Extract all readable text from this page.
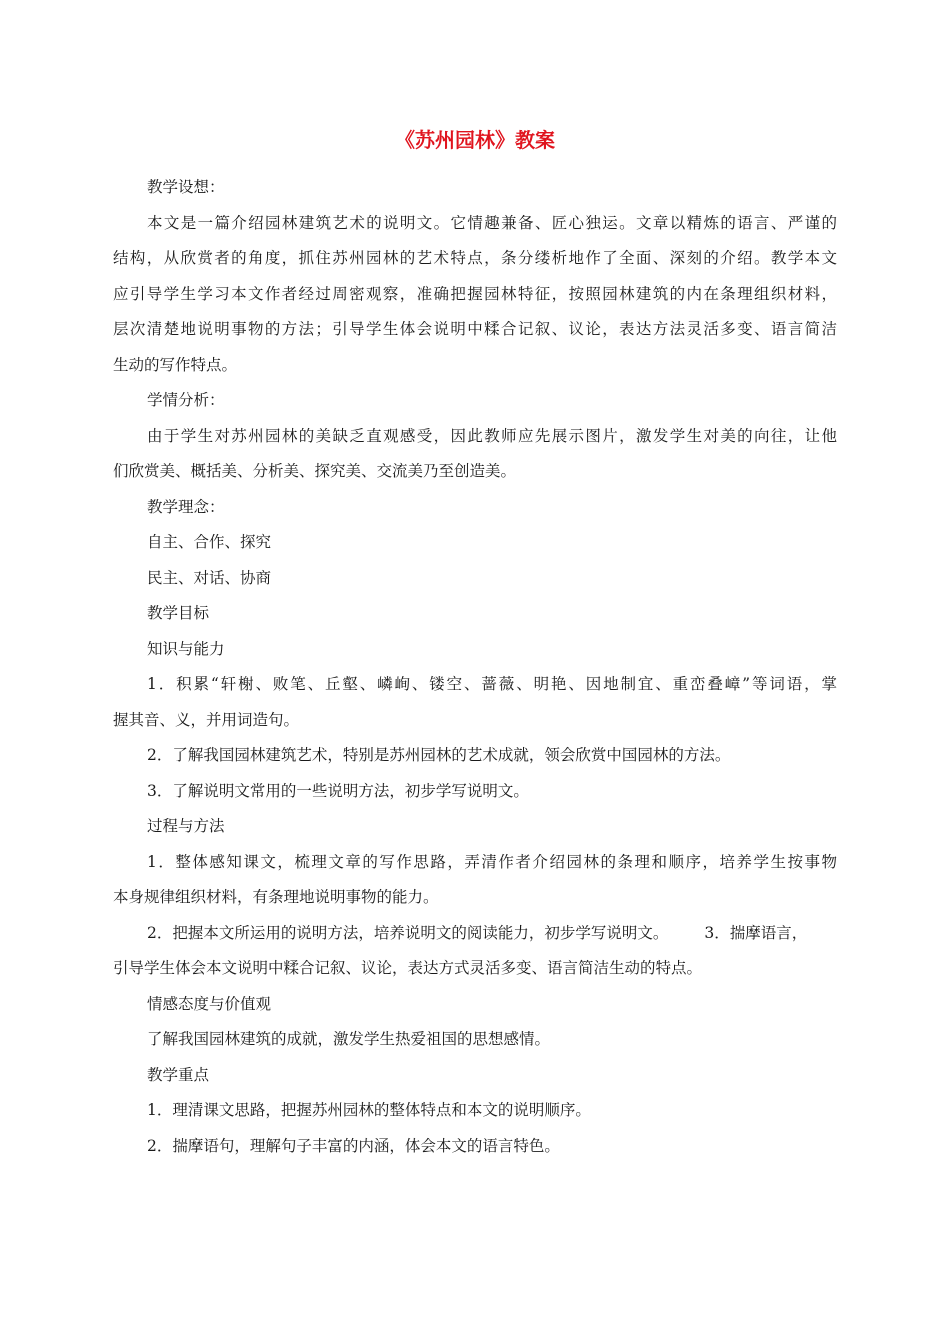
《苏州园林》教案
教学设想：
本文是一篇介绍园林建筑艺术的说明文。它情趣兼备、匠心独运。文章以精炼的语言、严谨的
结构，从欣赏者的角度，抓住苏州园林的艺术特点，条分缕析地作了全面、深刻的介绍。教学本文
应引导学生学习本文作者经过周密观察，准确把握园林特征，按照园林建筑的内在条理组织材料，
层次清楚地说明事物的方法；引导学生体会说明中糅合记叙、议论，表达方法灵活多变、语言简洁
生动的写作特点。
学情分析：
由于学生对苏州园林的美缺乏直观感受，因此教师应先展示图片，激发学生对美的向往，让他
们欣赏美、概括美、分析美、探究美、交流美乃至创造美。
教学理念：
自主、合作、探究
民主、对话、协商
教学目标
知识与能力
1．积累“轩榭、败笔、丘壑、嶙峋、镂空、蔷薇、明艳、因地制宜、重峦叠嶂”等词语，掌
握其音、义，并用词造句。
2．了解我国园林建筑艺术，特别是苏州园林的艺术成就，领会欣赏中国园林的方法。
3．了解说明文常用的一些说明方法，初步学写说明文。
过程与方法
1．整体感知课文，梳理文章的写作思路，弄清作者介绍园林的条理和顺序，培养学生按事物
本身规律组织材料，有条理地说明事物的能力。
2．把握本文所运用的说明方法，培养说明文的阅读能力，初步学写说明文。 3．揣摩语言，
引导学生体会本文说明中糅合记叙、议论，表达方式灵活多变、语言简洁生动的特点。
情感态度与价值观
了解我国园林建筑的成就，激发学生热爱祖国的思想感情。
教学重点
1．理清课文思路，把握苏州园林的整体特点和本文的说明顺序。
2．揣摩语句，理解句子丰富的内涵，体会本文的语言特色。
